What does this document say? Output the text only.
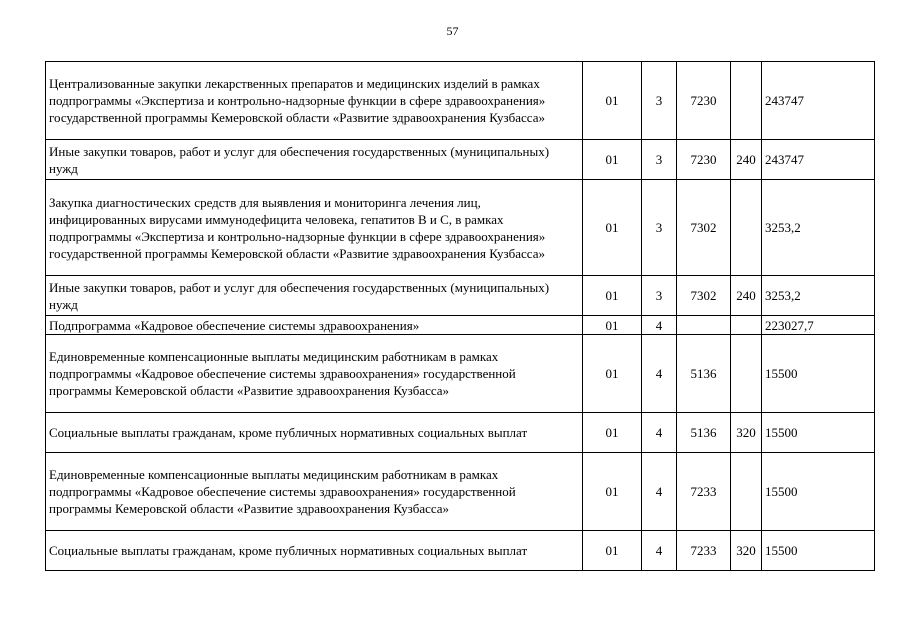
57
Централизованные закупки лекарственных препаратов и медицинских изделий в рамках подпрограммы «Экспертиза и контрольно-надзорные функции в сфере здравоохранения» государственной программы Кемеровской области «Развитие здравоохранения Кузбасса»	01	3	7230		243747
Иные закупки товаров, работ и услуг для обеспечения государственных (муниципальных) нужд	01	3	7230	240	243747
Закупка диагностических средств для выявления и мониторинга лечения лиц, инфицированных вирусами иммунодефицита человека, гепатитов В и С, в рамках подпрограммы «Экспертиза и контрольно-надзорные функции в сфере здравоохранения» государственной программы Кемеровской области «Развитие здравоохранения Кузбасса»	01	3	7302		3253,2
Иные закупки товаров, работ и услуг для обеспечения государственных (муниципальных) нужд	01	3	7302	240	3253,2
Подпрограмма «Кадровое обеспечение системы здравоохранения»	01	4			223027,7
Единовременные компенсационные выплаты медицинским работникам в рамках подпрограммы «Кадровое обеспечение системы здравоохранения» государственной программы Кемеровской области «Развитие здравоохранения Кузбасса»	01	4	5136		15500
Социальные выплаты гражданам, кроме публичных нормативных социальных выплат	01	4	5136	320	15500
Единовременные компенсационные выплаты медицинским работникам в рамках подпрограммы «Кадровое обеспечение системы здравоохранения» государственной программы Кемеровской области «Развитие здравоохранения Кузбасса»	01	4	7233		15500
Социальные выплаты гражданам, кроме публичных нормативных социальных выплат	01	4	7233	320	15500
